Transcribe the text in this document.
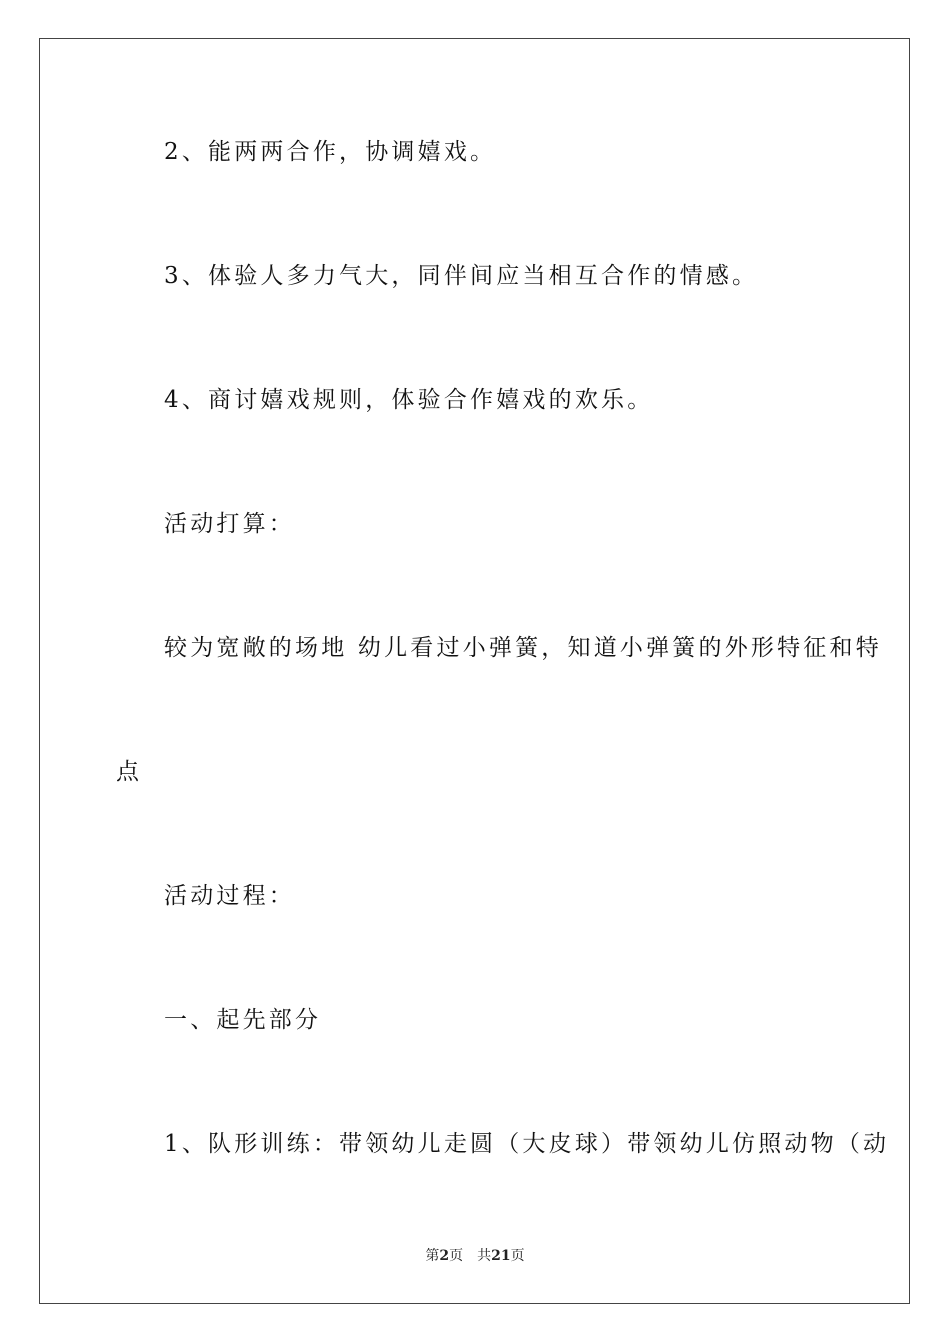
2、能两两合作，协调嬉戏。
3、体验人多力气大，同伴间应当相互合作的情感。
4、商讨嬉戏规则，体验合作嬉戏的欢乐。
活动打算：
较为宽敞的场地 幼儿看过小弹簧，知道小弹簧的外形特征和特
点
活动过程：
一、起先部分
1、队形训练：带领幼儿走圆（大皮球）带领幼儿仿照动物（动
第2页 共21页
